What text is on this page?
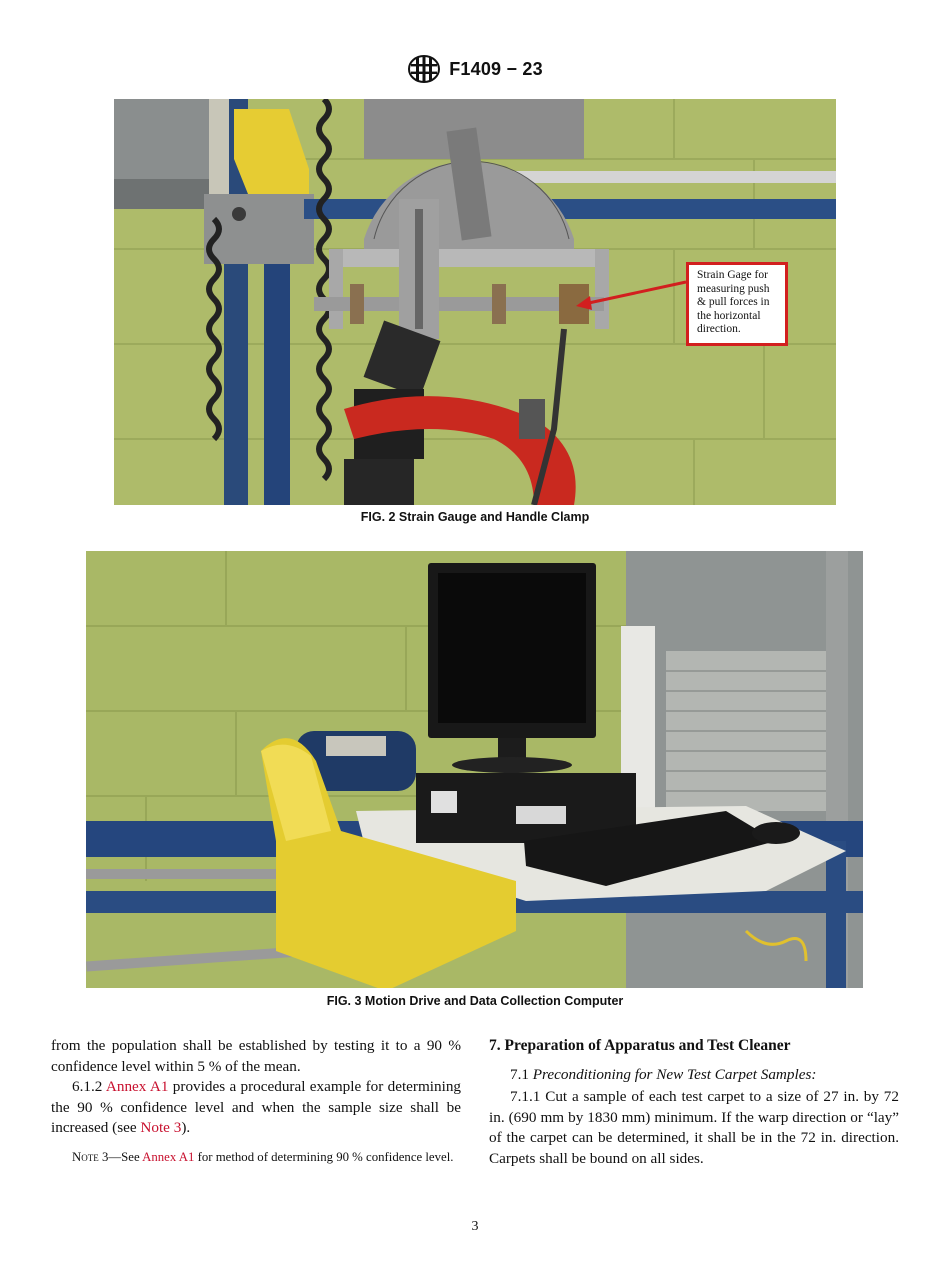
F1409 − 23
Strain Gage for
measuring push
& pull forces in
the horizontal
direction.
FIG. 2 Strain Gauge and Handle Clamp
FIG. 3 Motion Drive and Data Collection Computer

from the population shall be established by testing it to a 90 % confidence level within 5 % of the mean.

6.1.2 Annex A1 provides a procedural example for determining the 90 % confidence level and when the sample size shall be increased (see Note 3).

Note 3—See Annex A1 for method of determining 90 % confidence level.

7. Preparation of Apparatus and Test Cleaner

7.1 Preconditioning for New Test Carpet Samples:

7.1.1 Cut a sample of each test carpet to a size of 27 in. by 72 in. (690 mm by 1830 mm) minimum. If the warp direction or “lay” of the carpet can be determined, it shall be in the 72 in. direction. Carpets shall be bound on all sides.

3
